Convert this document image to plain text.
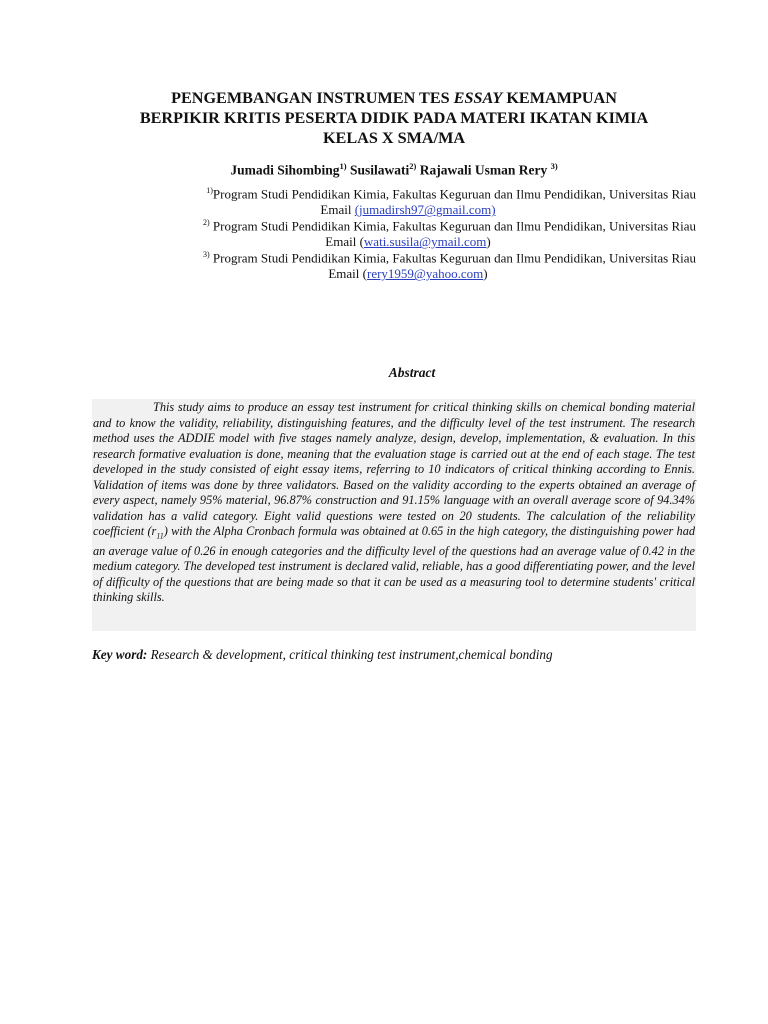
PENGEMBANGAN INSTRUMEN TES ESSAY KEMAMPUAN
BERPIKIR KRITIS PESERTA DIDIK PADA MATERI IKATAN KIMIA
KELAS X SMA/MA
Jumadi Sihombing$^{1)}$ Susilawati$^{2)}$ Rajawali Usman Rery $^{3)}$
$^{1)}$Program Studi Pendidikan Kimia, Fakultas Keguruan dan Ilmu Pendidikan, Universitas Riau
Email (jumadirsh97@gmail.com)
$^{2)}$ Program Studi Pendidikan Kimia, Fakultas Keguruan dan Ilmu Pendidikan, Universitas Riau
Email (wati.susila@ymail.com)
$^{3)}$ Program Studi Pendidikan Kimia, Fakultas Keguruan dan Ilmu Pendidikan, Universitas Riau
Email (rery1959@yahoo.com)
Abstract
This study aims to produce an essay test instrument for critical thinking skills on chemical bonding material and to know the validity, reliability, distinguishing features, and the difficulty level of the test instrument. The research method uses the ADDIE model with five stages namely analyze, design, develop, implementation, & evaluation. In this research formative evaluation is done, meaning that the evaluation stage is carried out at the end of each stage. The test developed in the study consisted of eight essay items, referring to 10 indicators of critical thinking according to Ennis. Validation of items was done by three validators. Based on the validity according to the experts obtained an average of every aspect, namely 95% material, 96.87% construction and 91.15% language with an overall average score of 94.34% validation has a valid category. Eight valid questions were tested on 20 students. The calculation of the reliability coefficient $(r_{11})$ with the Alpha Cronbach formula was obtained at 0.65 in the high category, the distinguishing power had an average value of 0.26 in enough categories and the difficulty level of the questions had an average value of 0.42 in the medium category. The developed test instrument is declared valid, reliable, has a good differentiating power, and the level of difficulty of the questions that are being made so that it can be used as a measuring tool to determine students' critical thinking skills.
Key word: Research & development, critical thinking test instrument,chemical bonding
